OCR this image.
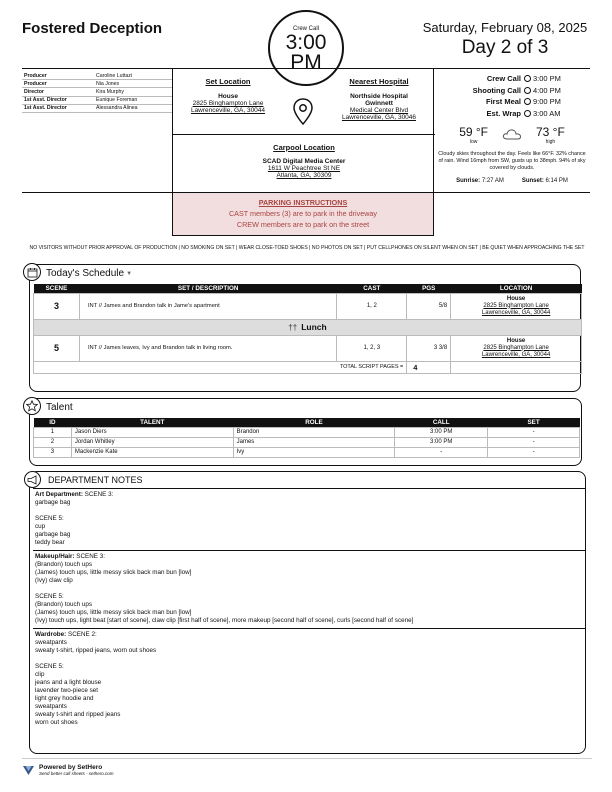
Fostered Deception	Crew Call
3:00 PM
Saturday, February 08, 2025
Day 2 of 3
Producer	Caroline Luttazi
Producer	Nia Jones
Director	Kira Murphy
1st Asst. Director	Eunique Foreman
1st Asst. Director	Alessandra Alinea
Set Location
House
2825 Binghampton Lane
Lawrenceville, GA, 30044
Nearest Hospital
Northside Hospital
Gwinnett
Medical Center Blvd
Lawrenceville, GA, 30046
Carpool Location
SCAD Digital Media Center
1611 W Peachtree St NE
Atlanta, GA, 30309
Crew Call	3:00 PM
Shooting Call	4:00 PM
First Meal	9:00 PM
Est. Wrap	3:00 AM
59 °F
low
73 °F
high
Cloudy skies throughout the day. Feels like 66°F. 32% chance of rain. Wind 16mph from SW, gusts up to 38mph. 94% of sky covered by clouds.
Sunrise: 7:27 AM	Sunset: 6:14 PM
PARKING INSTRUCTIONS
CAST members (3) are to park in the driveway
CREW members are to park on the street
NO VISITORS WITHOUT PRIOR APPROVAL OF PRODUCTION | NO SMOKING ON SET | WEAR CLOSE-TOED SHOES | NO PHOTOS ON SET | PUT CELLPHONES ON SILENT WHEN ON SET | BE QUIET WHEN APPROACHING THE SET
Today's Schedule ▼
SCENE	SET / DESCRIPTION	CAST	PGS	LOCATION
3	INT // James and Brandon talk in Jame's apartment	1, 2	5/8	House
2825 Binghampton Lane
Lawrenceville, GA, 30044

†† Lunch				
5	INT // James leaves, Ivy and Brandon talk in living room.	1, 2, 3	3 3/8	House
2825 Binghampton Lane
Lawrenceville, GA, 30044

TOTAL SCRIPT PAGES =			4	
Talent
ID	TALENT	ROLE	CALL	SET
1	Jason Diers	Brandon	3:00 PM	-
2	Jordan Whitley	James	3:00 PM	-
3	Mackenzie Kate	Ivy	-	-
DEPARTMENT NOTES

Art Department: SCENE 3:
garbage bag

SCENE 5:
cup
garbage bag
teddy bear

Makeup/Hair: SCENE 3:
(Brandon) touch ups
(James) touch ups, little messy slick back man bun [low]
(Ivy) claw clip

SCENE 5:
(Brandon) touch ups
(James) touch ups, little messy slick back man bun [low]
(Ivy) touch ups, light beat [start of scene], claw clip [first half of scene], more makeup [second half of scene], curls [second half of scene]

Wardrobe: SCENE 2:
sweatpants
sweaty t-shirt, ripped jeans, worn out shoes

SCENE 5:
clip
jeans and a light blouse
lavender two-piece set
light grey hoodie and
sweatpants
sweaty t-shirt and ripped jeans
worn out shoes

Powered by SetHero
Send better call sheets - sethero.com
